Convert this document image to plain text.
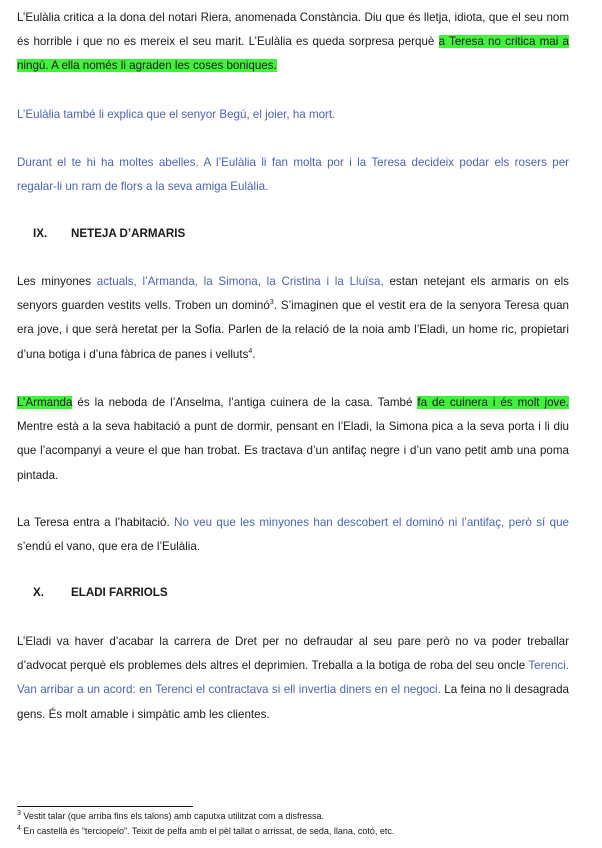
L’Eulàlia critica a la dona del notari Riera, anomenada Constància. Diu que és lletja, idiota, que el seu nom és horrible i que no es mereix el seu marit. L’Eulàlia es queda sorpresa perquè a Teresa no critica mai a ningú. A ella només li agraden les coses boniques.

L’Eulàlia també li explica que el senyor Begú, el joier, ha mort.

Durant el te hi ha moltes abelles. A l’Eulàlia li fan molta por i la Teresa decideix podar els rosers per regalar-li un ram de flors a la seva amiga Eulàlia.

IX. NETEJA D’ARMARIS

Les minyones actuals, l’Armanda, la Simona, la Cristina i la Lluïsa, estan netejant els armaris on els senyors guarden vestits vells. Troben un dominó$^3$. S’imaginen que el vestit era de la senyora Teresa quan era jove, i que serà heretat per la Sofia. Parlen de la relació de la noia amb l’Eladi, un home ric, propietari d’una botiga i d’una fàbrica de panes i velluts$^4$.

L’Armanda és la neboda de l’Anselma, l’antiga cuinera de la casa. També fa de cuinera i és molt jove. Mentre està a la seva habitació a punt de dormir, pensant en l’Eladi, la Simona pica a la seva porta i li diu que l’acompanyi a veure el que han trobat. Es tractava d’un antifaç negre i d’un vano petit amb una poma pintada.

La Teresa entra a l’habitació. No veu que les minyones han descobert el dominó ni l’antifaç, però sí que s’endú el vano, que era de l’Eulàlia.

X. ELADI FARRIOLS

L’Eladi va haver d’acabar la carrera de Dret per no defraudar al seu pare però no va poder treballar d’advocat perquè els problemes dels altres el deprimien. Treballa a la botiga de roba del seu oncle Terenci. Van arribar a un acord: en Terenci el contractava si ell invertia diners en el negoci. La feina no li desagrada gens. És molt amable i simpàtic amb les clientes.

$^3$ Vestit talar (que arriba fins els talons) amb caputxa utilitzat com a disfressa.

$^4$ En castellà és “terciopelo”. Teixit de pelfa amb el pèl tallat o arrissat, de seda, llana, cotó, etc.
